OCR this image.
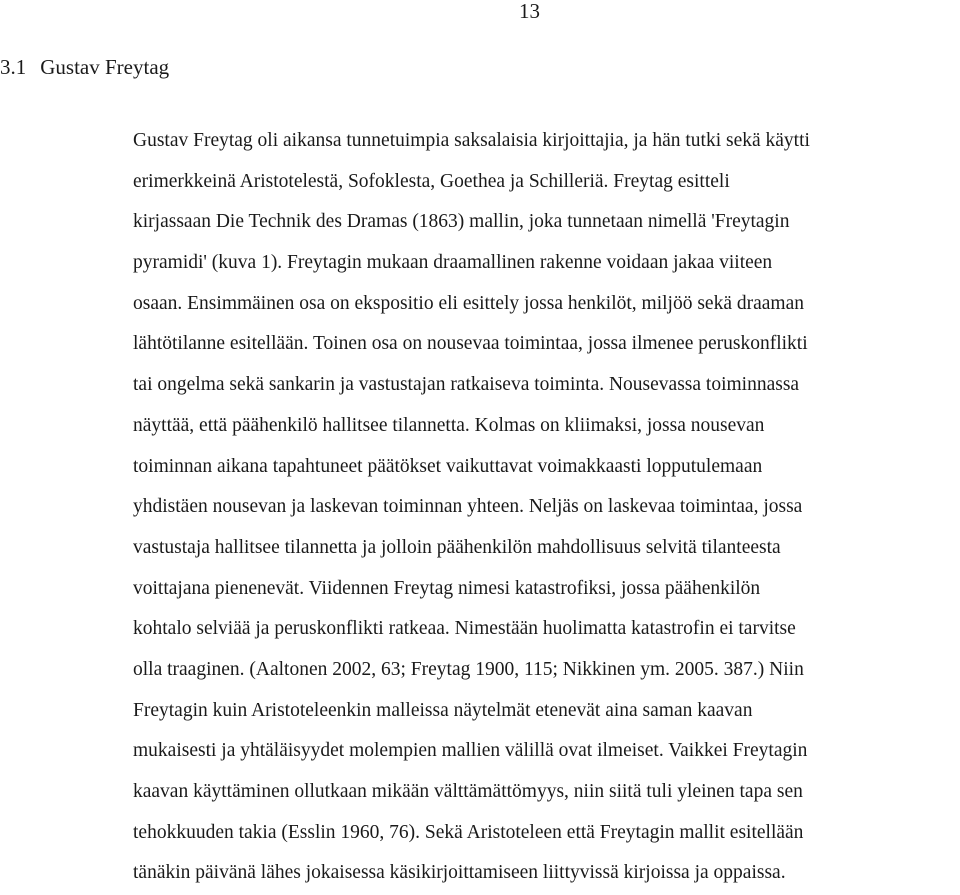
13
3.1 Gustav Freytag
Gustav Freytag oli aikansa tunnetuimpia saksalaisia kirjoittajia, ja hän tutki sekä käytti
erimerkkeinä Aristotelestä, Sofoklesta, Goethea ja Schilleriä. Freytag esitteli
kirjassaan Die Technik des Dramas (1863) mallin, joka tunnetaan nimellä 'Freytagin
pyramidi' (kuva 1). Freytagin mukaan draamallinen rakenne voidaan jakaa viiteen
osaan. Ensimmäinen osa on ekspositio eli esittely jossa henkilöt, miljöö sekä draaman
lähtötilanne esitellään. Toinen osa on nousevaa toimintaa, jossa ilmenee peruskonflikti
tai ongelma sekä sankarin ja vastustajan ratkaiseva toiminta. Nousevassa toiminnassa
näyttää, että päähenkilö hallitsee tilannetta. Kolmas on kliimaksi, jossa nousevan
toiminnan aikana tapahtuneet päätökset vaikuttavat voimakkaasti lopputulemaan
yhdistäen nousevan ja laskevan toiminnan yhteen. Neljäs on laskevaa toimintaa, jossa
vastustaja hallitsee tilannetta ja jolloin päähenkilön mahdollisuus selvitä tilanteesta
voittajana pienenevät. Viidennen Freytag nimesi katastrofiksi, jossa päähenkilön
kohtalo selviää ja peruskonflikti ratkeaa. Nimestään huolimatta katastrofin ei tarvitse
olla traaginen. (Aaltonen 2002, 63; Freytag 1900, 115; Nikkinen ym. 2005. 387.) Niin
Freytagin kuin Aristoteleenkin malleissa näytelmät etenevät aina saman kaavan
mukaisesti ja yhtäläisyydet molempien mallien välillä ovat ilmeiset. Vaikkei Freytagin
kaavan käyttäminen ollutkaan mikään välttämättömyys, niin siitä tuli yleinen tapa sen
tehokkuuden takia (Esslin 1960, 76). Sekä Aristoteleen että Freytagin mallit esitellään
tänäkin päivänä lähes jokaisessa käsikirjoittamiseen liittyvissä kirjoissa ja oppaissa.
